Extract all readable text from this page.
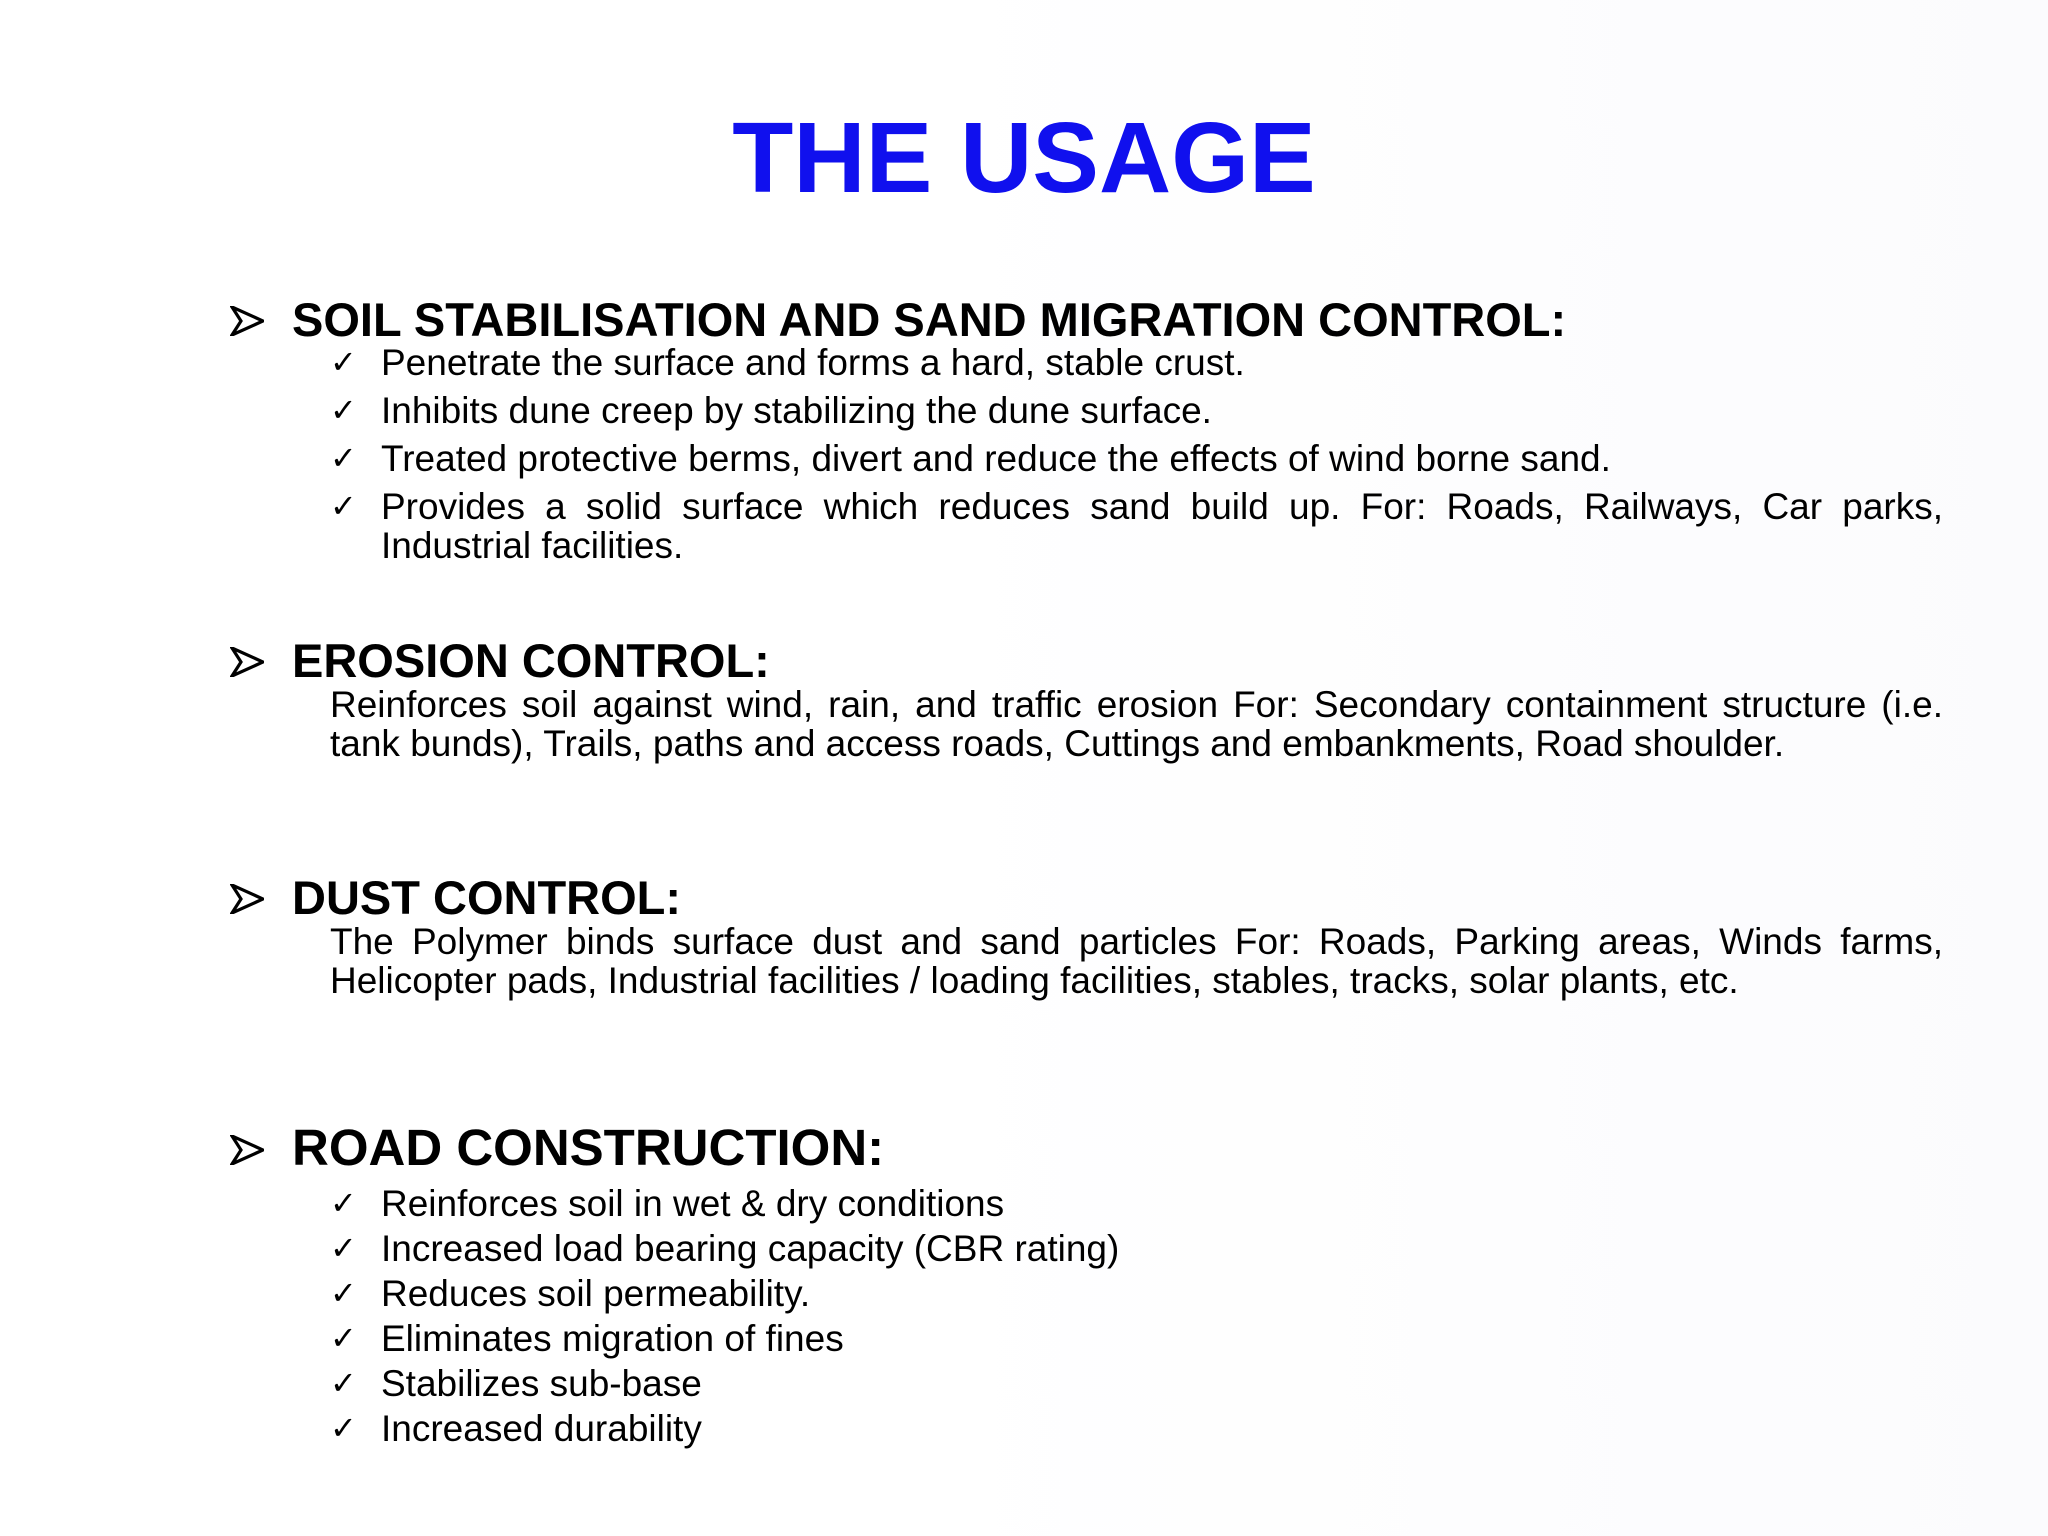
THE USAGE
SOIL STABILISATION AND SAND MIGRATION CONTROL:
✓ Penetrate the surface and forms a hard, stable crust.
✓ Inhibits dune creep by stabilizing the dune surface.
✓ Treated protective berms, divert and reduce the effects of wind borne sand.
✓ Provides a solid surface which reduces sand build up. For: Roads, Railways, Car parks, Industrial facilities.
EROSION CONTROL:

Reinforces soil against wind, rain, and traffic erosion For: Secondary containment structure (i.e. tank bunds), Trails, paths and access roads, Cuttings and embankments, Road shoulder.

DUST CONTROL:

The Polymer binds surface dust and sand particles For: Roads, Parking areas, Winds farms, Helicopter pads, Industrial facilities / loading facilities, stables, tracks, solar plants, etc.

ROAD CONSTRUCTION:
✓ Reinforces soil in wet & dry conditions
✓ Increased load bearing capacity (CBR rating)
✓ Reduces soil permeability.
✓ Eliminates migration of fines
✓ Stabilizes sub-base
✓ Increased durability
